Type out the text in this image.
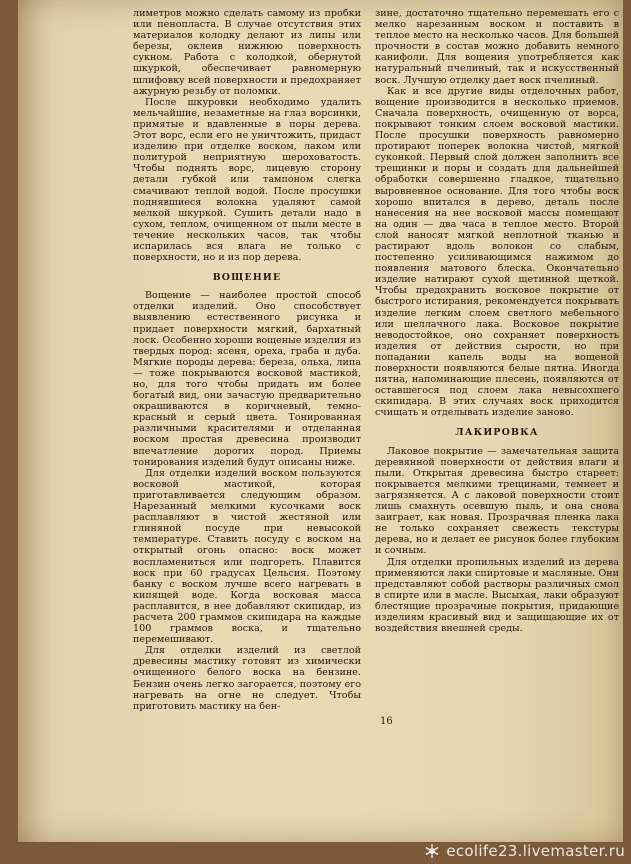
лиметров можно сделать самому из пробки или пенопласта. В случае отсутствия этих материалов колодку делают из липы или березы, оклеив нижнюю поверхность сукном. Работа с колодкой, обернутой шкуркой, обеспечивает равномерную шлифовку всей поверхности и предохраняет ажурную резьбу от поломки.

После шкуровки необходимо удалить мельчайшие, незаметные на глаз ворсинки, примятые и вдавленные в поры дерева. Этот ворс, если его не уничтожить, придаст изделию при отделке воском, лаком или политурой неприятную шероховатость. Чтобы поднять ворс, лицевую сторону детали губкой или тампоном слегка смачивают теплой водой. После просушки поднявшиеся волокна удаляют самой мелкой шкуркой. Сушить детали надо в сухом, теплом, очищенном от пыли месте в течение нескольких часов, так чтобы испарилась вся влага не только с поверхности, но и из пор дерева.

ВОЩЕНИЕ

Вощение — наиболее простой способ отделки изделий. Оно способствует выявлению естественного рисунка и придает поверхности мягкий, бархатный лоск. Особенно хороши вощеные изделия из твердых пород: ясеня, ореха, граба и дуба. Мягкие породы дерева: береза, ольха, липа — тоже покрываются восковой мастикой, но, для того чтобы придать им более богатый вид, они зачастую предварительно окрашиваются в коричневый, темно-красный и серый цвета. Тонированная различными красителями и отделанная воском простая древесина производит впечатление дорогих пород. Приемы тонирования изделий будут описаны ниже.

Для отделки изделий воском пользуются восковой мастикой, которая приготавливается следующим образом. Нарезанный мелкими кусочками воск расплавляют в чистой жестяной или глиняной посуде при невысокой температуре. Ставить посуду с воском на открытый огонь опасно: воск может воспламениться или подгореть. Плавится воск при 60 градусах Цельсия. Поэтому банку с воском лучше всего нагревать в кипящей воде. Когда восковая масса расплавится, в нее добавляют скипидар, из расчета 200 граммов скипидара на каждые 100 граммов воска, и тщательно перемешивают.

Для отделки изделий из светлой древесины мастику готовят из химически очищенного белого воска на бензине. Бензин очень легко загорается, поэтому его нагревать на огне не следует. Чтобы приготовить мастику на бен-

зине, достаточно тщательно перемешать его с мелко нарезанным воском и поставить в теплое место на несколько часов. Для большей прочности в состав можно добавить немного канифоли. Для вощения употребляется как натуральный пчелиный, так и искусственный воск. Лучшую отделку дает воск пчелиный.

Как и все другие виды отделочных работ, вощение производится в несколько приемов. Сначала поверхность, очищенную от ворса, покрывают тонким слоем восковой мастики. После просушки поверхность равномерно протирают поперек волокна чистой, мягкой суконкой. Первый слой должен заполнить все трещинки и поры и создать для дальнейшей обработки совершенно гладкое, тщательно выровненное основание. Для того чтобы воск хорошо впитался в дерево, деталь после нанесения на нее восковой массы помещают на один — два часа в теплое место. Второй слой наносят мягкой неплотной тканью и растирают вдоль волокон со слабым, постепенно усиливающимся нажимом до появления матового блеска. Окончательно изделие натирают сухой щетинной щеткой. Чтобы предохранить восковое покрытие от быстрого истирания, рекомендуется покрывать изделие легким слоем светлого мебельного или шеллачного лака. Восковое покрытие неводостойкое, оно сохраняет поверхность изделия от действия сырости, но при попадании капель воды на вощеной поверхности появляются белые пятна. Иногда пятна, напоминающие плесень, появляются от оставшегося под слоем лака невысохшего скипидара. В этих случаях воск приходится счищать и отделывать изделие заново.

ЛАКИРОВКА

Лаковое покрытие — замечательная защита деревянной поверхности от действия влаги и пыли. Открытая древесина быстро стареет: покрывается мелкими трещинами, темнеет и загрязняется. А с лаковой поверхности стоит лишь смахнуть осевшую пыль, и она снова заиграет, как новая. Прозрачная пленка лака не только сохраняет свежесть текстуры дерева, но и делает ее рисунок более глубоким и сочным.

Для отделки пропильных изделий из дерева применяются лаки спиртовые и масляные. Они представляют собой растворы различных смол в спирте или в масле. Высыхая, лаки образуют блестящие прозрачные покрытия, придающие изделиям красивый вид и защищающие их от воздействия внешней среды.

16
ecolife23.livemaster.ru
